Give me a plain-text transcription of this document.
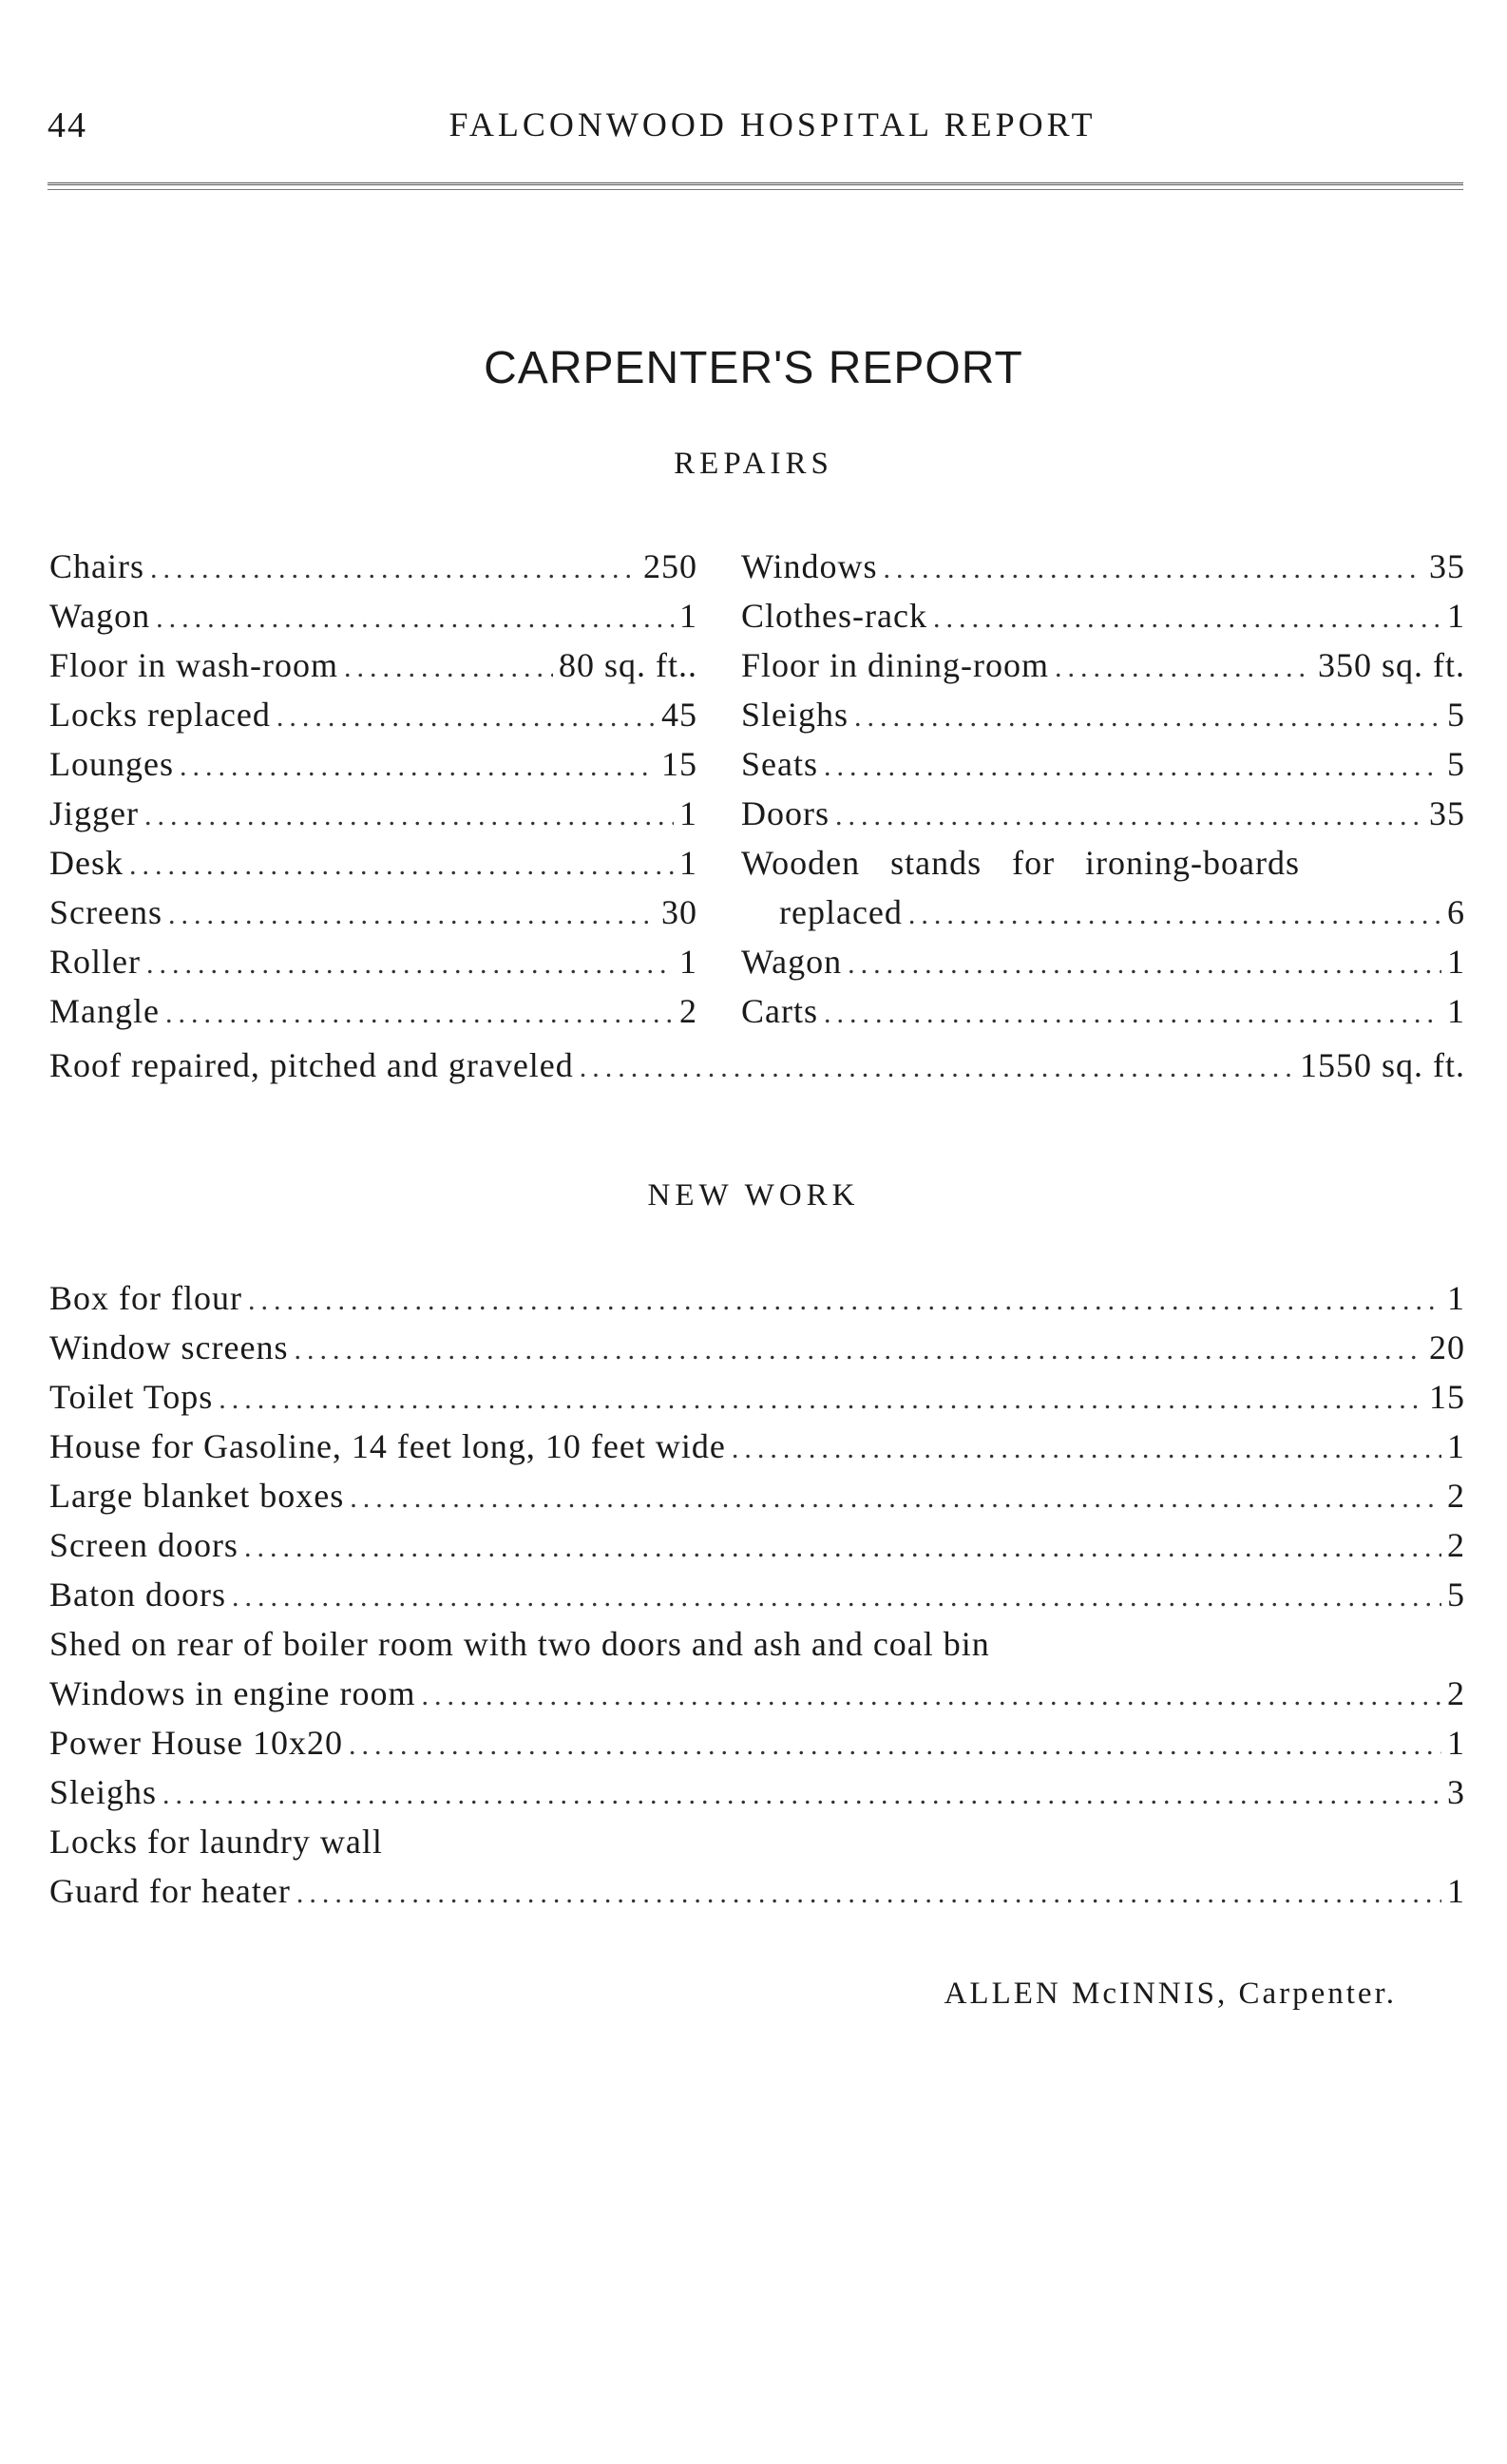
44	FALCONWOOD HOSPITAL REPORT
CARPENTER'S REPORT
REPAIRS
Chairs .....	250
Wagon .....	1
Floor in wash-room .....	80 sq. ft..
Locks replaced .....	45
Lounges .....	15
Jigger .....	1
Desk .....	1
Screens .....	30
Roller .....	1
Mangle .....	2
Windows .....	35
Clothes-rack .....	1
Floor in dining-room .....	350 sq. ft.
Sleighs .....	5
Seats .....	5
Doors .....	35
Wooden stands for ironing-boards
replaced .....	6
Wagon .....	1
Carts .....	1
Roof repaired, pitched and graveled .....	1550 sq. ft.
NEW WORK
Box for flour .....	1
Window screens .....	20
Toilet Tops .....	15
House for Gasoline, 14 feet long, 10 feet wide .....	1
Large blanket boxes .....	2
Screen doors .....	2
Baton doors .....	5
Shed on rear of boiler room with two doors and ash and coal bin
Windows in engine room .....	2
Power House 10x20 .....	1
Sleighs .....	3
Locks for laundry wall
Guard for heater .....	1
ALLEN McINNIS, Carpenter.
